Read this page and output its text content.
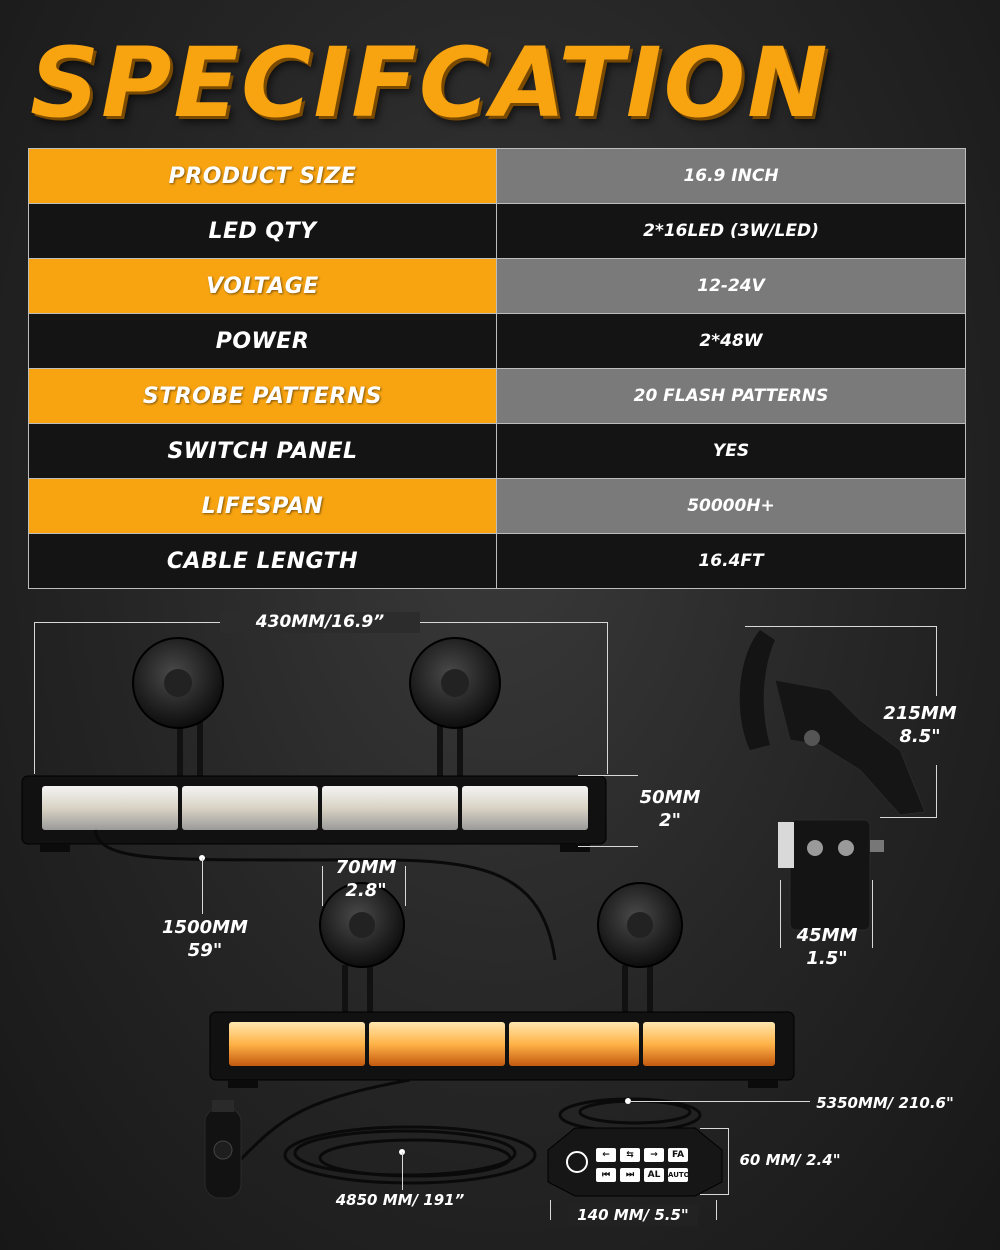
SPECIFCATION
PRODUCT SIZE	16.9 INCH
LED QTY	2*16LED (3W/LED)
VOLTAGE	12-24V
POWER	2*48W
STROBE PATTERNS	20 FLASH PATTERNS
SWITCH PANEL	YES
LIFESPAN	50000H+
CABLE LENGTH	16.4FT
430MM/16.9”
50MM
2"
1500MM
59"
70MM
2.8"
215MM
8.5"
45MM
1.5"
5350MM/ 210.6"
60 MM/ 2.4"
140 MM/ 5.5"
4850 MM/ 191”
←	⇆	→	FA
⏮	⏭	AL	AUTO
